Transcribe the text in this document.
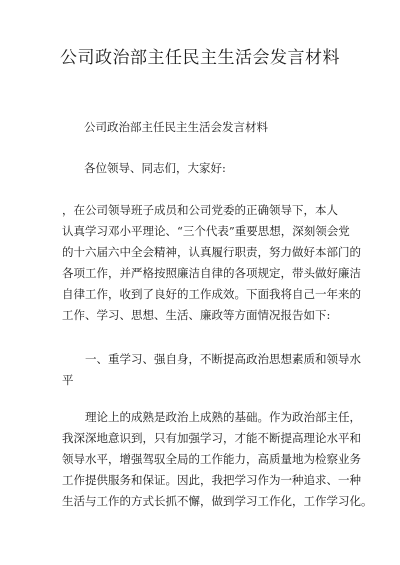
公司政治部主任民主生活会发言材料

公司政治部主任民主生活会发言材料

各位领导、同志们，大家好:

，在公司领导班子成员和公司党委的正确领导下，本人
认真学习邓小平理论、“三个代表”重要思想，深刻领会党
的十六届六中全会精神，认真履行职责，努力做好本部门的
各项工作，并严格按照廉洁自律的各项规定，带头做好廉洁
自律工作，收到了良好的工作成效。下面我将自己一年来的
工作、学习、思想、生活、廉政等方面情况报告如下:
　　一、重学习、强自身，不断提高政治思想素质和领导水
平
　　理论上的成熟是政治上成熟的基础。作为政治部主任，
我深深地意识到，只有加强学习，才能不断提高理论水平和
领导水平，增强驾驭全局的工作能力，高质量地为检察业务
工作提供服务和保证。因此，我把学习作为一种追求、一种
生活与工作的方式长抓不懈，做到学习工作化，工作学习化。
